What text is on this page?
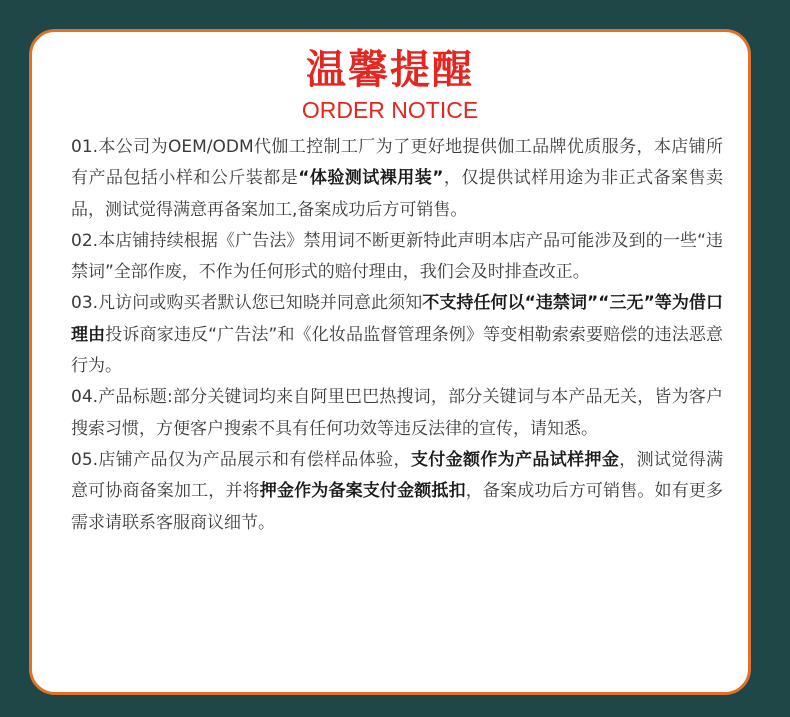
温馨提醒
ORDER NOTICE

01.本公司为OEM/ODM代伽工控制工厂为了更好地提供伽工品牌优质服务，本店铺所有产品包括小样和公斤装都是“体验测试裸用装”，仅提供试样用途为非正式备案售卖品，测试觉得满意再备案加工,备案成功后方可销售。

02.本店铺持续根据《广告法》禁用词不断更新特此声明本店产品可能涉及到的一些“违禁词”全部作废，不作为任何形式的赔付理由，我们会及时排查改正。

03.凡访问或购买者默认您已知晓并同意此须知不支持任何以“违禁词”“三无”等为借口理由投诉商家违反“广告法”和《化妆品监督管理条例》等变相勒索索要赔偿的违法恶意行为。

04.产品标题:部分关键词均来自阿里巴巴热搜词，部分关键词与本产品无关，皆为客户搜索习惯，方便客户搜索不具有任何功效等违反法律的宣传，请知悉。

05.店铺产品仅为产品展示和有偿样品体验，支付金额作为产品试样押金，测试觉得满意可协商备案加工，并将押金作为备案支付金额抵扣，备案成功后方可销售。如有更多需求请联系客服商议细节。
